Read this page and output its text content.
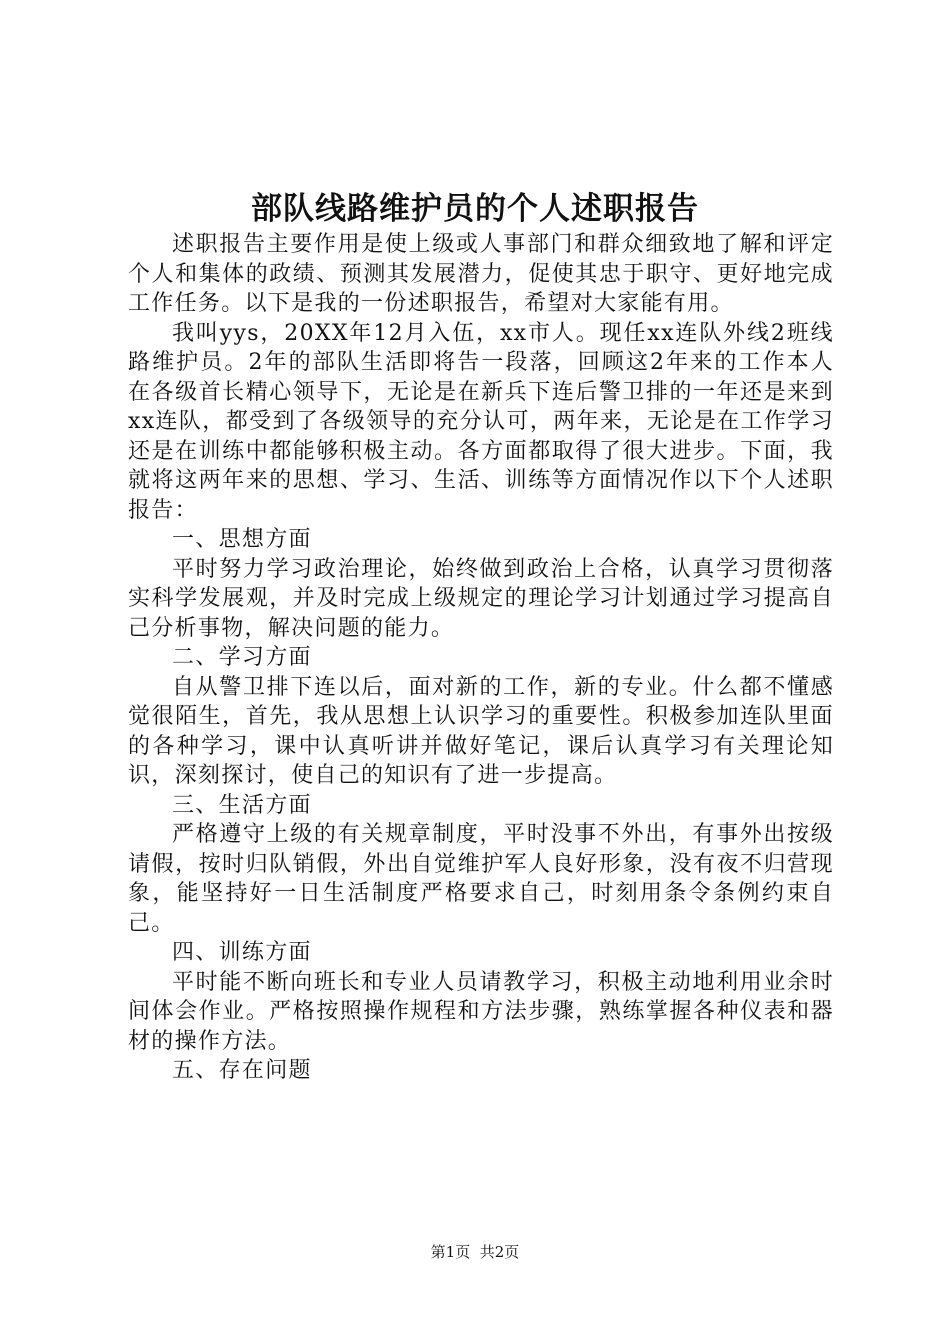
部队线路维护员的个人述职报告

述职报告主要作用是使上级或人事部门和群众细致地了解和评定个人和集体的政绩、预测其发展潜力，促使其忠于职守、更好地完成工作任务。以下是我的一份述职报告，希望对大家能有用。

我叫yys，20XX年12月入伍，xx市人。现任xx连队外线2班线路维护员。2年的部队生活即将告一段落，回顾这2年来的工作本人在各级首长精心领导下，无论是在新兵下连后警卫排的一年还是来到xx连队，都受到了各级领导的充分认可，两年来，无论是在工作学习还是在训练中都能够积极主动。各方面都取得了很大进步。下面，我就将这两年来的思想、学习、生活、训练等方面情况作以下个人述职报告：

一、思想方面

平时努力学习政治理论，始终做到政治上合格，认真学习贯彻落实科学发展观，并及时完成上级规定的理论学习计划通过学习提高自己分析事物，解决问题的能力。

二、学习方面

自从警卫排下连以后，面对新的工作，新的专业。什么都不懂感觉很陌生，首先，我从思想上认识学习的重要性。积极参加连队里面的各种学习，课中认真听讲并做好笔记，课后认真学习有关理论知识，深刻探讨，使自己的知识有了进一步提高。

三、生活方面

严格遵守上级的有关规章制度，平时没事不外出，有事外出按级请假，按时归队销假，外出自觉维护军人良好形象，没有夜不归营现象，能坚持好一日生活制度严格要求自己，时刻用条令条例约束自己。

四、训练方面

平时能不断向班长和专业人员请教学习，积极主动地利用业余时间体会作业。严格按照操作规程和方法步骤，熟练掌握各种仪表和器材的操作方法。

五、存在问题

第1页 共2页
